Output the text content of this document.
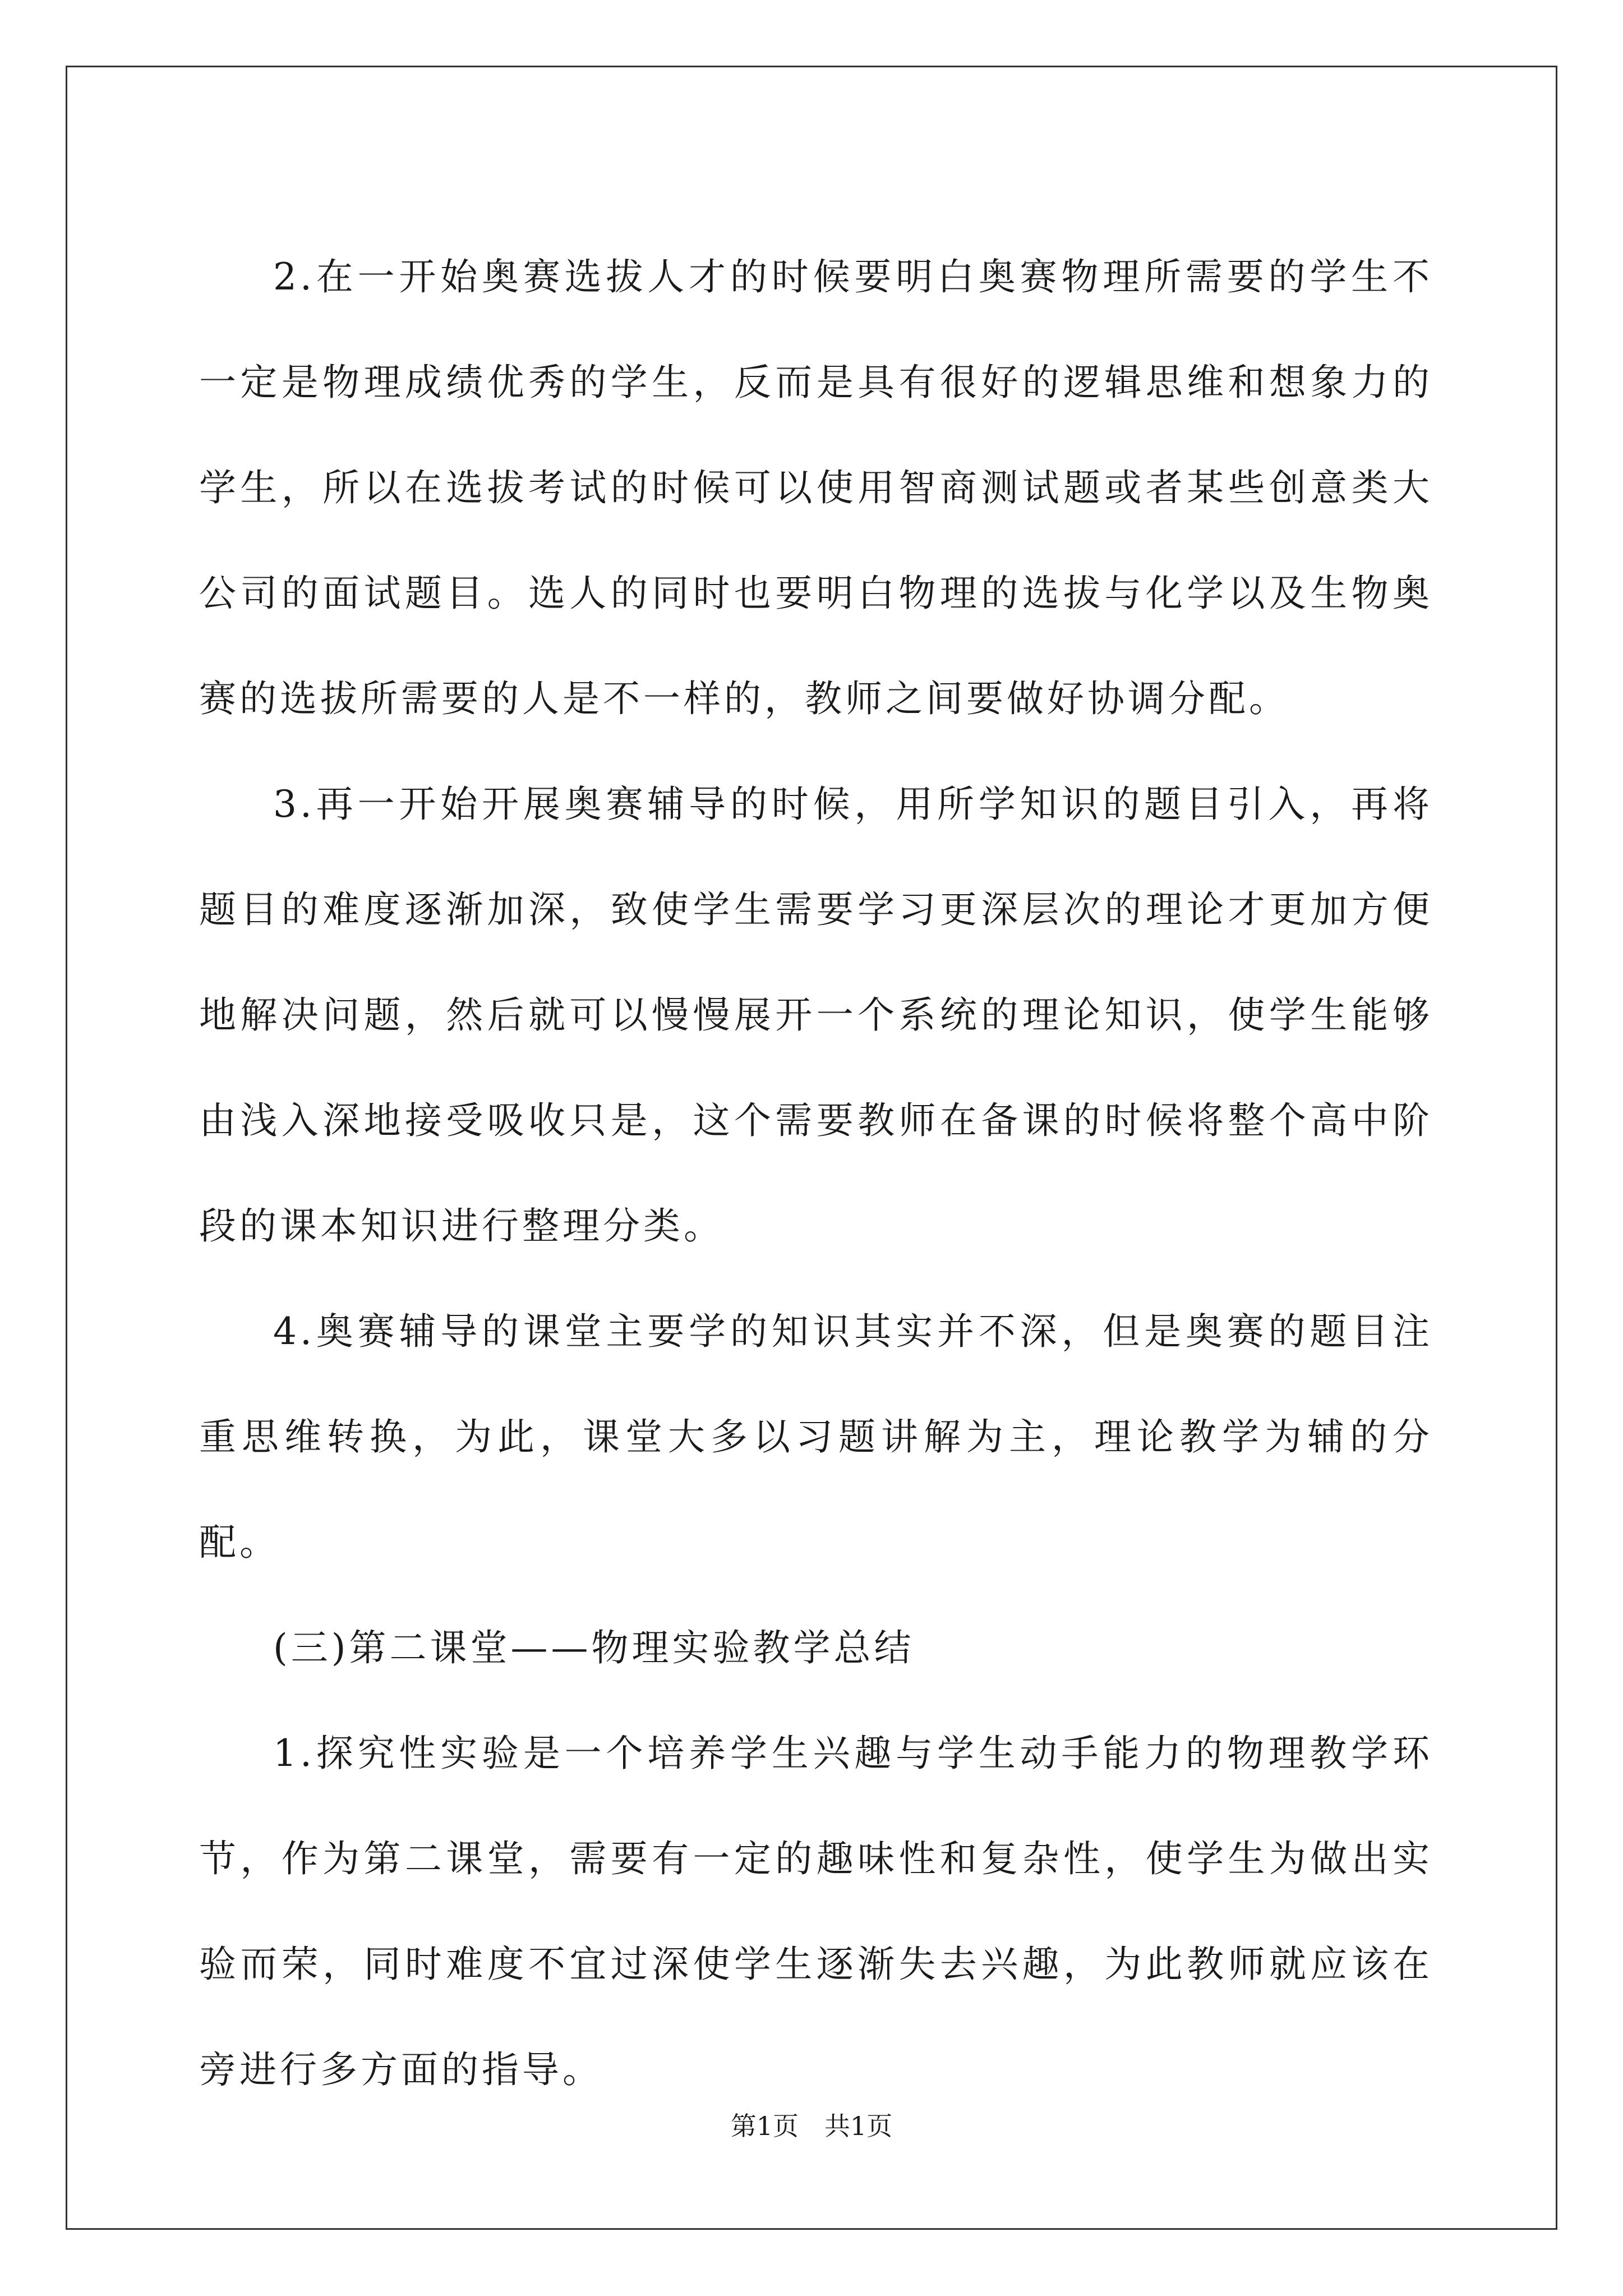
2.在一开始奥赛选拔人才的时候要明白奥赛物理所需要的学生不一定是物理成绩优秀的学生，反而是具有很好的逻辑思维和想象力的学生，所以在选拔考试的时候可以使用智商测试题或者某些创意类大公司的面试题目。选人的同时也要明白物理的选拔与化学以及生物奥赛的选拔所需要的人是不一样的，教师之间要做好协调分配。

3.再一开始开展奥赛辅导的时候，用所学知识的题目引入，再将题目的难度逐渐加深，致使学生需要学习更深层次的理论才更加方便地解决问题，然后就可以慢慢展开一个系统的理论知识，使学生能够由浅入深地接受吸收只是，这个需要教师在备课的时候将整个高中阶段的课本知识进行整理分类。

4.奥赛辅导的课堂主要学的知识其实并不深，但是奥赛的题目注重思维转换，为此，课堂大多以习题讲解为主，理论教学为辅的分配。

(三)第二课堂——物理实验教学总结

1.探究性实验是一个培养学生兴趣与学生动手能力的物理教学环节，作为第二课堂，需要有一定的趣味性和复杂性，使学生为做出实验而荣，同时难度不宜过深使学生逐渐失去兴趣，为此教师就应该在旁进行多方面的指导。

第1页　共1页
